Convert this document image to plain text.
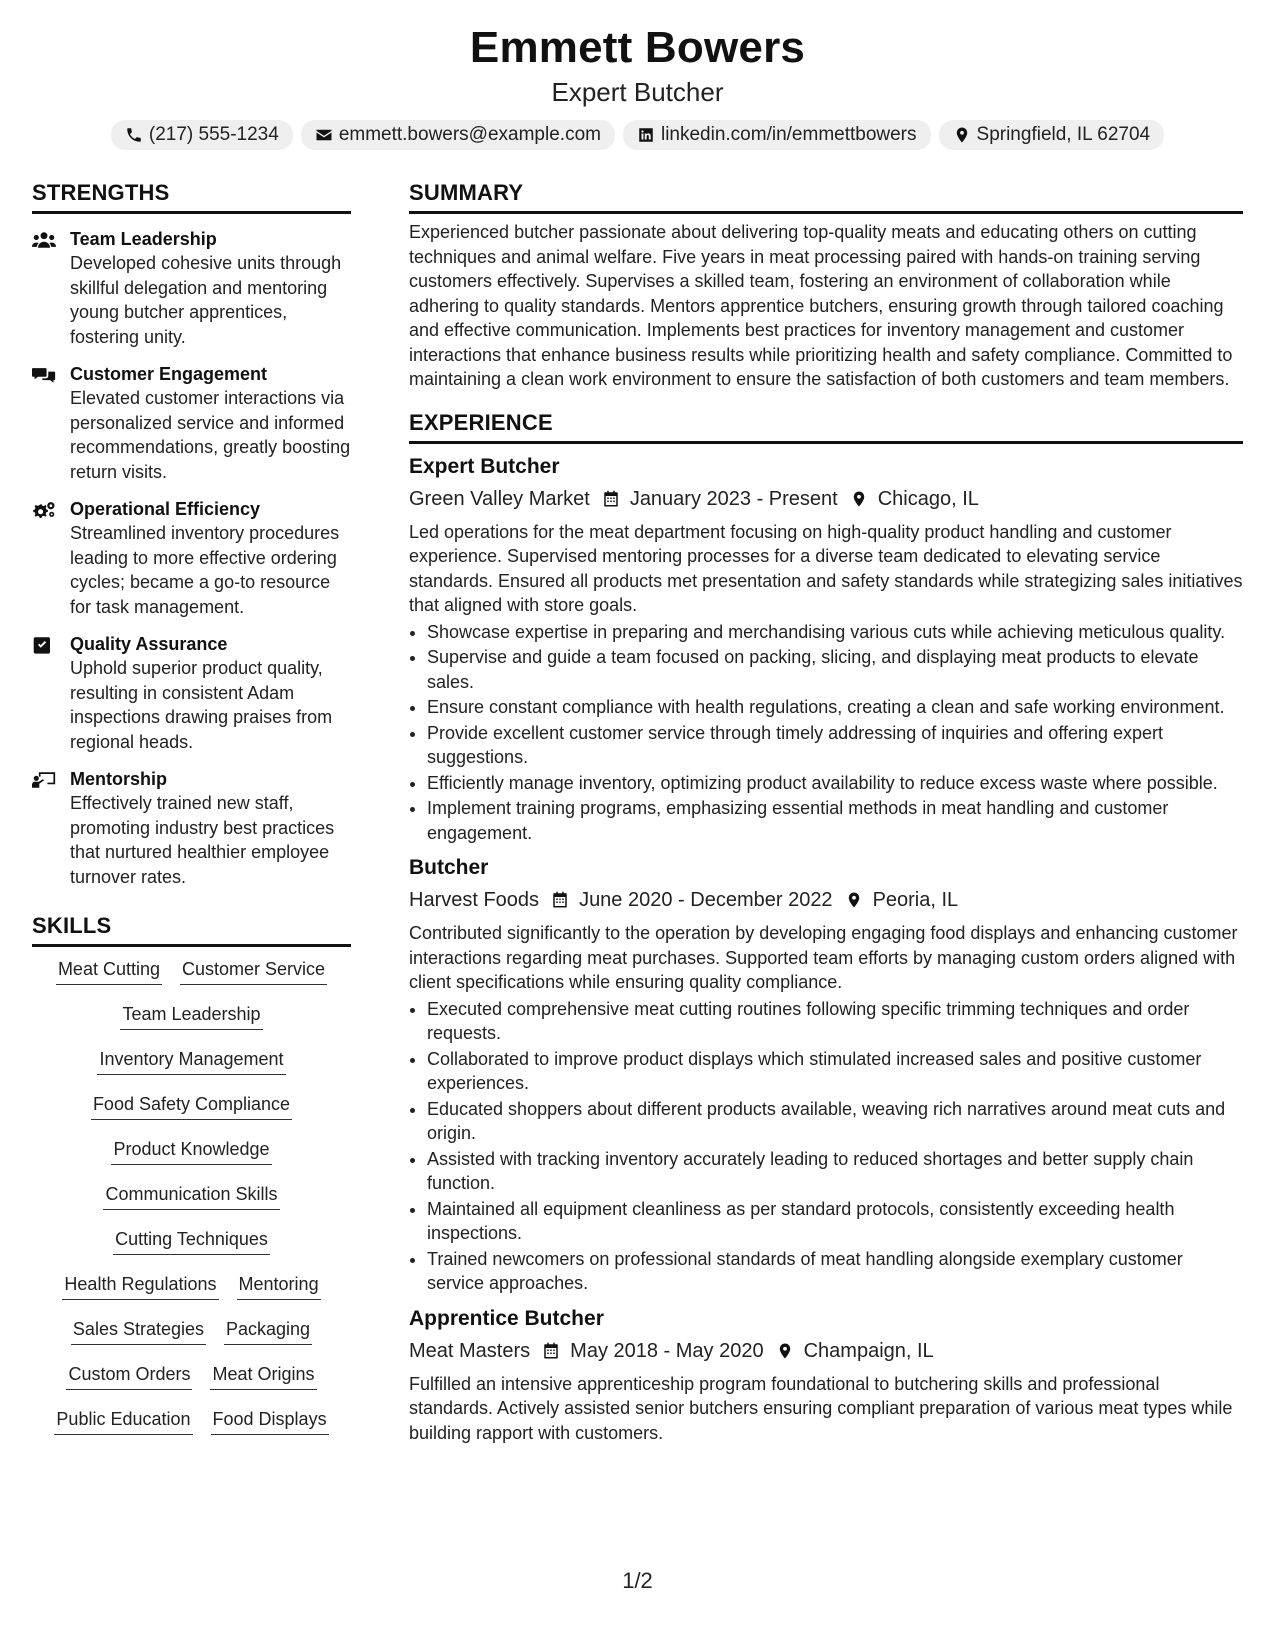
Emmett Bowers
Expert Butcher
(217) 555-1234	emmett.bowers@example.com	linkedin.com/in/emmettbowers	Springfield, IL 62704
STRENGTHS
Team Leadership
Developed cohesive units through skillful delegation and mentoring young butcher apprentices, fostering unity.
Customer Engagement
Elevated customer interactions via personalized service and informed recommendations, greatly boosting return visits.
Operational Efficiency
Streamlined inventory procedures leading to more effective ordering cycles; became a go-to resource for task management.
Quality Assurance
Uphold superior product quality, resulting in consistent Adam inspections drawing praises from regional heads.
Mentorship
Effectively trained new staff, promoting industry best practices that nurtured healthier employee turnover rates.
SKILLS
Meat Cutting Customer Service
Team Leadership
Inventory Management
Food Safety Compliance
Product Knowledge
Communication Skills
Cutting Techniques
Health Regulations Mentoring
Sales Strategies Packaging
Custom Orders Meat Origins
Public Education Food Displays
SUMMARY
Experienced butcher passionate about delivering top-quality meats and educating others on cutting techniques and animal welfare. Five years in meat processing paired with hands-on training serving customers effectively. Supervises a skilled team, fostering an environment of collaboration while adhering to quality standards. Mentors apprentice butchers, ensuring growth through tailored coaching and effective communication. Implements best practices for inventory management and customer interactions that enhance business results while prioritizing health and safety compliance. Committed to maintaining a clean work environment to ensure the satisfaction of both customers and team members.
EXPERIENCE
Expert Butcher
Green Valley Market January 2023 - Present Chicago, IL
Led operations for the meat department focusing on high-quality product handling and customer experience. Supervised mentoring processes for a diverse team dedicated to elevating service standards. Ensured all products met presentation and safety standards while strategizing sales initiatives that aligned with store goals.
• Showcase expertise in preparing and merchandising various cuts while achieving meticulous quality.
• Supervise and guide a team focused on packing, slicing, and displaying meat products to elevate sales.
• Ensure constant compliance with health regulations, creating a clean and safe working environment.
• Provide excellent customer service through timely addressing of inquiries and offering expert suggestions.
• Efficiently manage inventory, optimizing product availability to reduce excess waste where possible.
• Implement training programs, emphasizing essential methods in meat handling and customer engagement.
Butcher
Harvest Foods June 2020 - December 2022 Peoria, IL
Contributed significantly to the operation by developing engaging food displays and enhancing customer interactions regarding meat purchases. Supported team efforts by managing custom orders aligned with client specifications while ensuring quality compliance.
• Executed comprehensive meat cutting routines following specific trimming techniques and order requests.
• Collaborated to improve product displays which stimulated increased sales and positive customer experiences.
• Educated shoppers about different products available, weaving rich narratives around meat cuts and origin.
• Assisted with tracking inventory accurately leading to reduced shortages and better supply chain function.
• Maintained all equipment cleanliness as per standard protocols, consistently exceeding health inspections.
• Trained newcomers on professional standards of meat handling alongside exemplary customer service approaches.
Apprentice Butcher
Meat Masters May 2018 - May 2020 Champaign, IL
Fulfilled an intensive apprenticeship program foundational to butchering skills and professional standards. Actively assisted senior butchers ensuring compliant preparation of various meat types while building rapport with customers.
1/2
